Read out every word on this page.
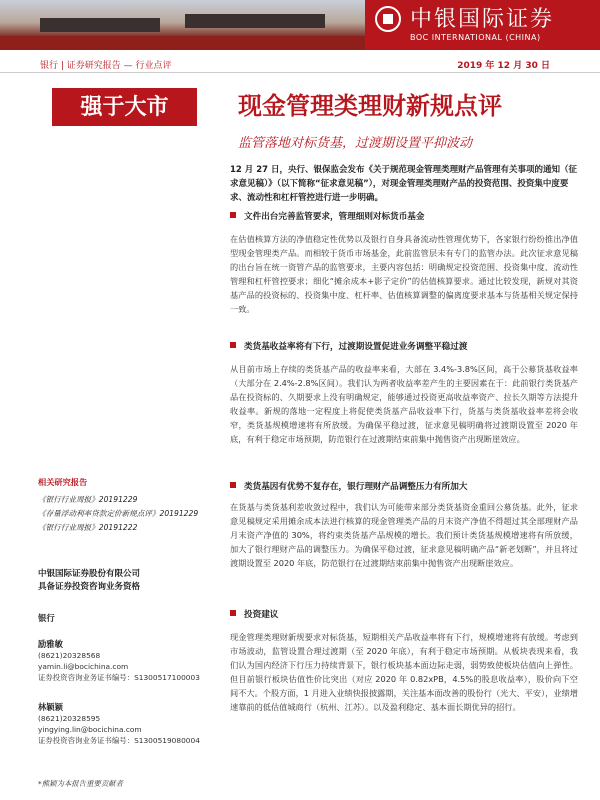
中银国际证券
BOC INTERNATIONAL (CHINA)
银行 | 证券研究报告 — 行业点评	2019 年 12 月 30 日
强于大市	现金管理类理财新规点评
监管落地对标货基，过渡期设置平抑波动
12 月 27 日，央行、银保监会发布《关于规范现金管理类理财产品管理有关事项的通知（征求意见稿）》（以下简称“征求意见稿”），对现金管理类理财产品的投资范围、投资集中度要求、流动性和杠杆管控进行进一步明确。
文件出台完善监管要求，管理细则对标货币基金
在估值核算方法的净值稳定性优势以及银行自身具备流动性管理优势下，各家银行纷纷推出净值型现金管理类产品。而相较于货币市场基金，此前监管层未有专门的监管办法。此次征求意见稿的出台旨在统一资管产品的监管要求，主要内容包括：明确规定投资范围、投资集中度、流动性管理和杠杆管控要求；细化“摊余成本+影子定价”的估值核算要求。通过比较发现，新规对其资基产品的投资标的、投资集中度、杠杆率、估值核算调整的偏离度要求基本与货基相关规定保持一致。
类货基收益率将有下行，过渡期设置促进业务调整平稳过渡
从目前市场上存续的类货基产品的收益率来看，大部在 3.4%-3.8%区间，高于公募货基收益率（大部分在 2.4%-2.8%区间）。我们认为两者收益率差产生的主要因素在于：此前银行类货基产品在投资标的、久期要求上没有明确规定，能够通过投资更高收益率资产、拉长久期等方法提升收益率。新规的落地一定程度上将促使类货基产品收益率下行，货基与类货基收益率差将会收窄，类货基规模增速将有所放缓。为确保平稳过渡，征求意见稿明确将过渡期设置至 2020 年底，有利于稳定市场预期，防范银行在过渡期结束前集中抛售资产出现断崖效应。
类货基因有优势不复存在，银行理财产品调整压力有所加大
在货基与类货基利差收敛过程中，我们认为可能带来部分类货基资金重回公募货基。此外，征求意见稿规定采用摊余成本法进行核算的现金管理类产品的月末资产净值不得超过其全部理财产品月末资产净值的 30%，将约束类货基产品规模的增长。我们预计类货基规模增速将有所放缓，加大了银行理财产品的调整压力。为确保平稳过渡，征求意见稿明确产品“新老划断”，并且将过渡期设置至 2020 年底，防范银行在过渡期结束前集中抛售资产出现断崖效应。
投资建议
现金管理类理财新规要求对标货基，短期相关产品收益率将有下行，规模增速将有放缓。考虑到市场波动，监管设置合理过渡期（至 2020 年底），有利于稳定市场预期。从板块表现来看，我们认为国内经济下行压力持续背景下，银行板块基本面边际走弱，弱势致使板块估值向上弹性。但目前银行板块估值性价比突出（对应 2020 年 0.82xPB，4.5%的股息收益率），股价向下空间不大。个股方面，1 月进入业绩快报披露期，关注基本面改善的股份行（光大、平安），业绩增速靠前的低估值城商行（杭州、江苏）。以及盈利稳定、基本面长期优异的招行。
相关研究报告
《银行行业周报》20191229
《存量浮动利率贷款定价新规点评》20191229
《银行行业周报》20191222
中银国际证券股份有限公司
具备证券投资咨询业务资格
银行
励雅敏
(8621)20328568
yamin.li@bocichina.com
证券投资咨询业务证书编号：S1300517100003
林颖颖
(8621)20328595
yingying.lin@bocichina.com
证券投资咨询业务证书编号：S1300519080004
*熊颖为本报告重要贡献者
